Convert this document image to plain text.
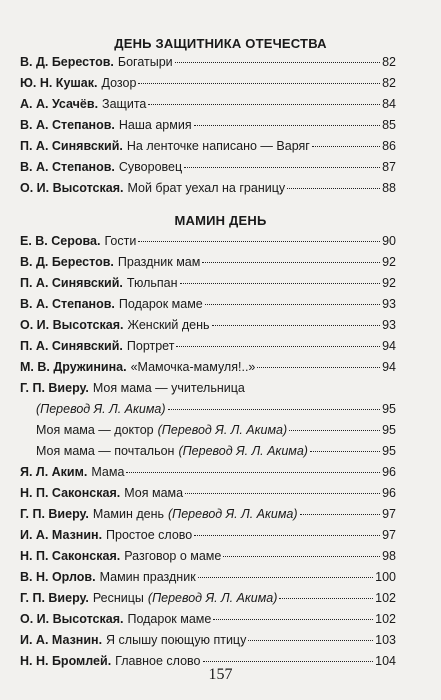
ДЕНЬ ЗАЩИТНИКА ОТЕЧЕСТВА
В. Д. Берестов. Богатыри	82
Ю. Н. Кушак. Дозор	82
А. А. Усачёв. Защита	84
В. А. Степанов. Наша армия	85
П. А. Синявский. На ленточке написано — Варяг	86
В. А. Степанов. Суворовец	87
О. И. Высотская. Мой брат уехал на границу	88
МАМИН ДЕНЬ
Е. В. Серова. Гости	90
В. Д. Берестов. Праздник мам	92
П. А. Синявский. Тюльпан	92
В. А. Степанов. Подарок маме	93
О. И. Высотская. Женский день	93
П. А. Синявский. Портрет	94
М. В. Дружинина. «Мамочка-мамуля!..»	94
Г. П. Виеру. Моя мама — учительница
(Перевод Я. Л. Акима)	95
Моя мама — доктор (Перевод Я. Л. Акима)	95
Моя мама — почтальон (Перевод Я. Л. Акима)	95
Я. Л. Аким. Мама	96
Н. П. Саконская. Моя мама	96
Г. П. Виеру. Мамин день (Перевод Я. Л. Акима)	97
И. А. Мазнин. Простое слово	97
Н. П. Саконская. Разговор о маме	98
В. Н. Орлов. Мамин праздник	100
Г. П. Виеру. Ресницы (Перевод Я. Л. Акима)	102
О. И. Высотская. Подарок маме	102
И. А. Мазнин. Я слышу поющую птицу	103
Н. Н. Бромлей. Главное слово	104
157
